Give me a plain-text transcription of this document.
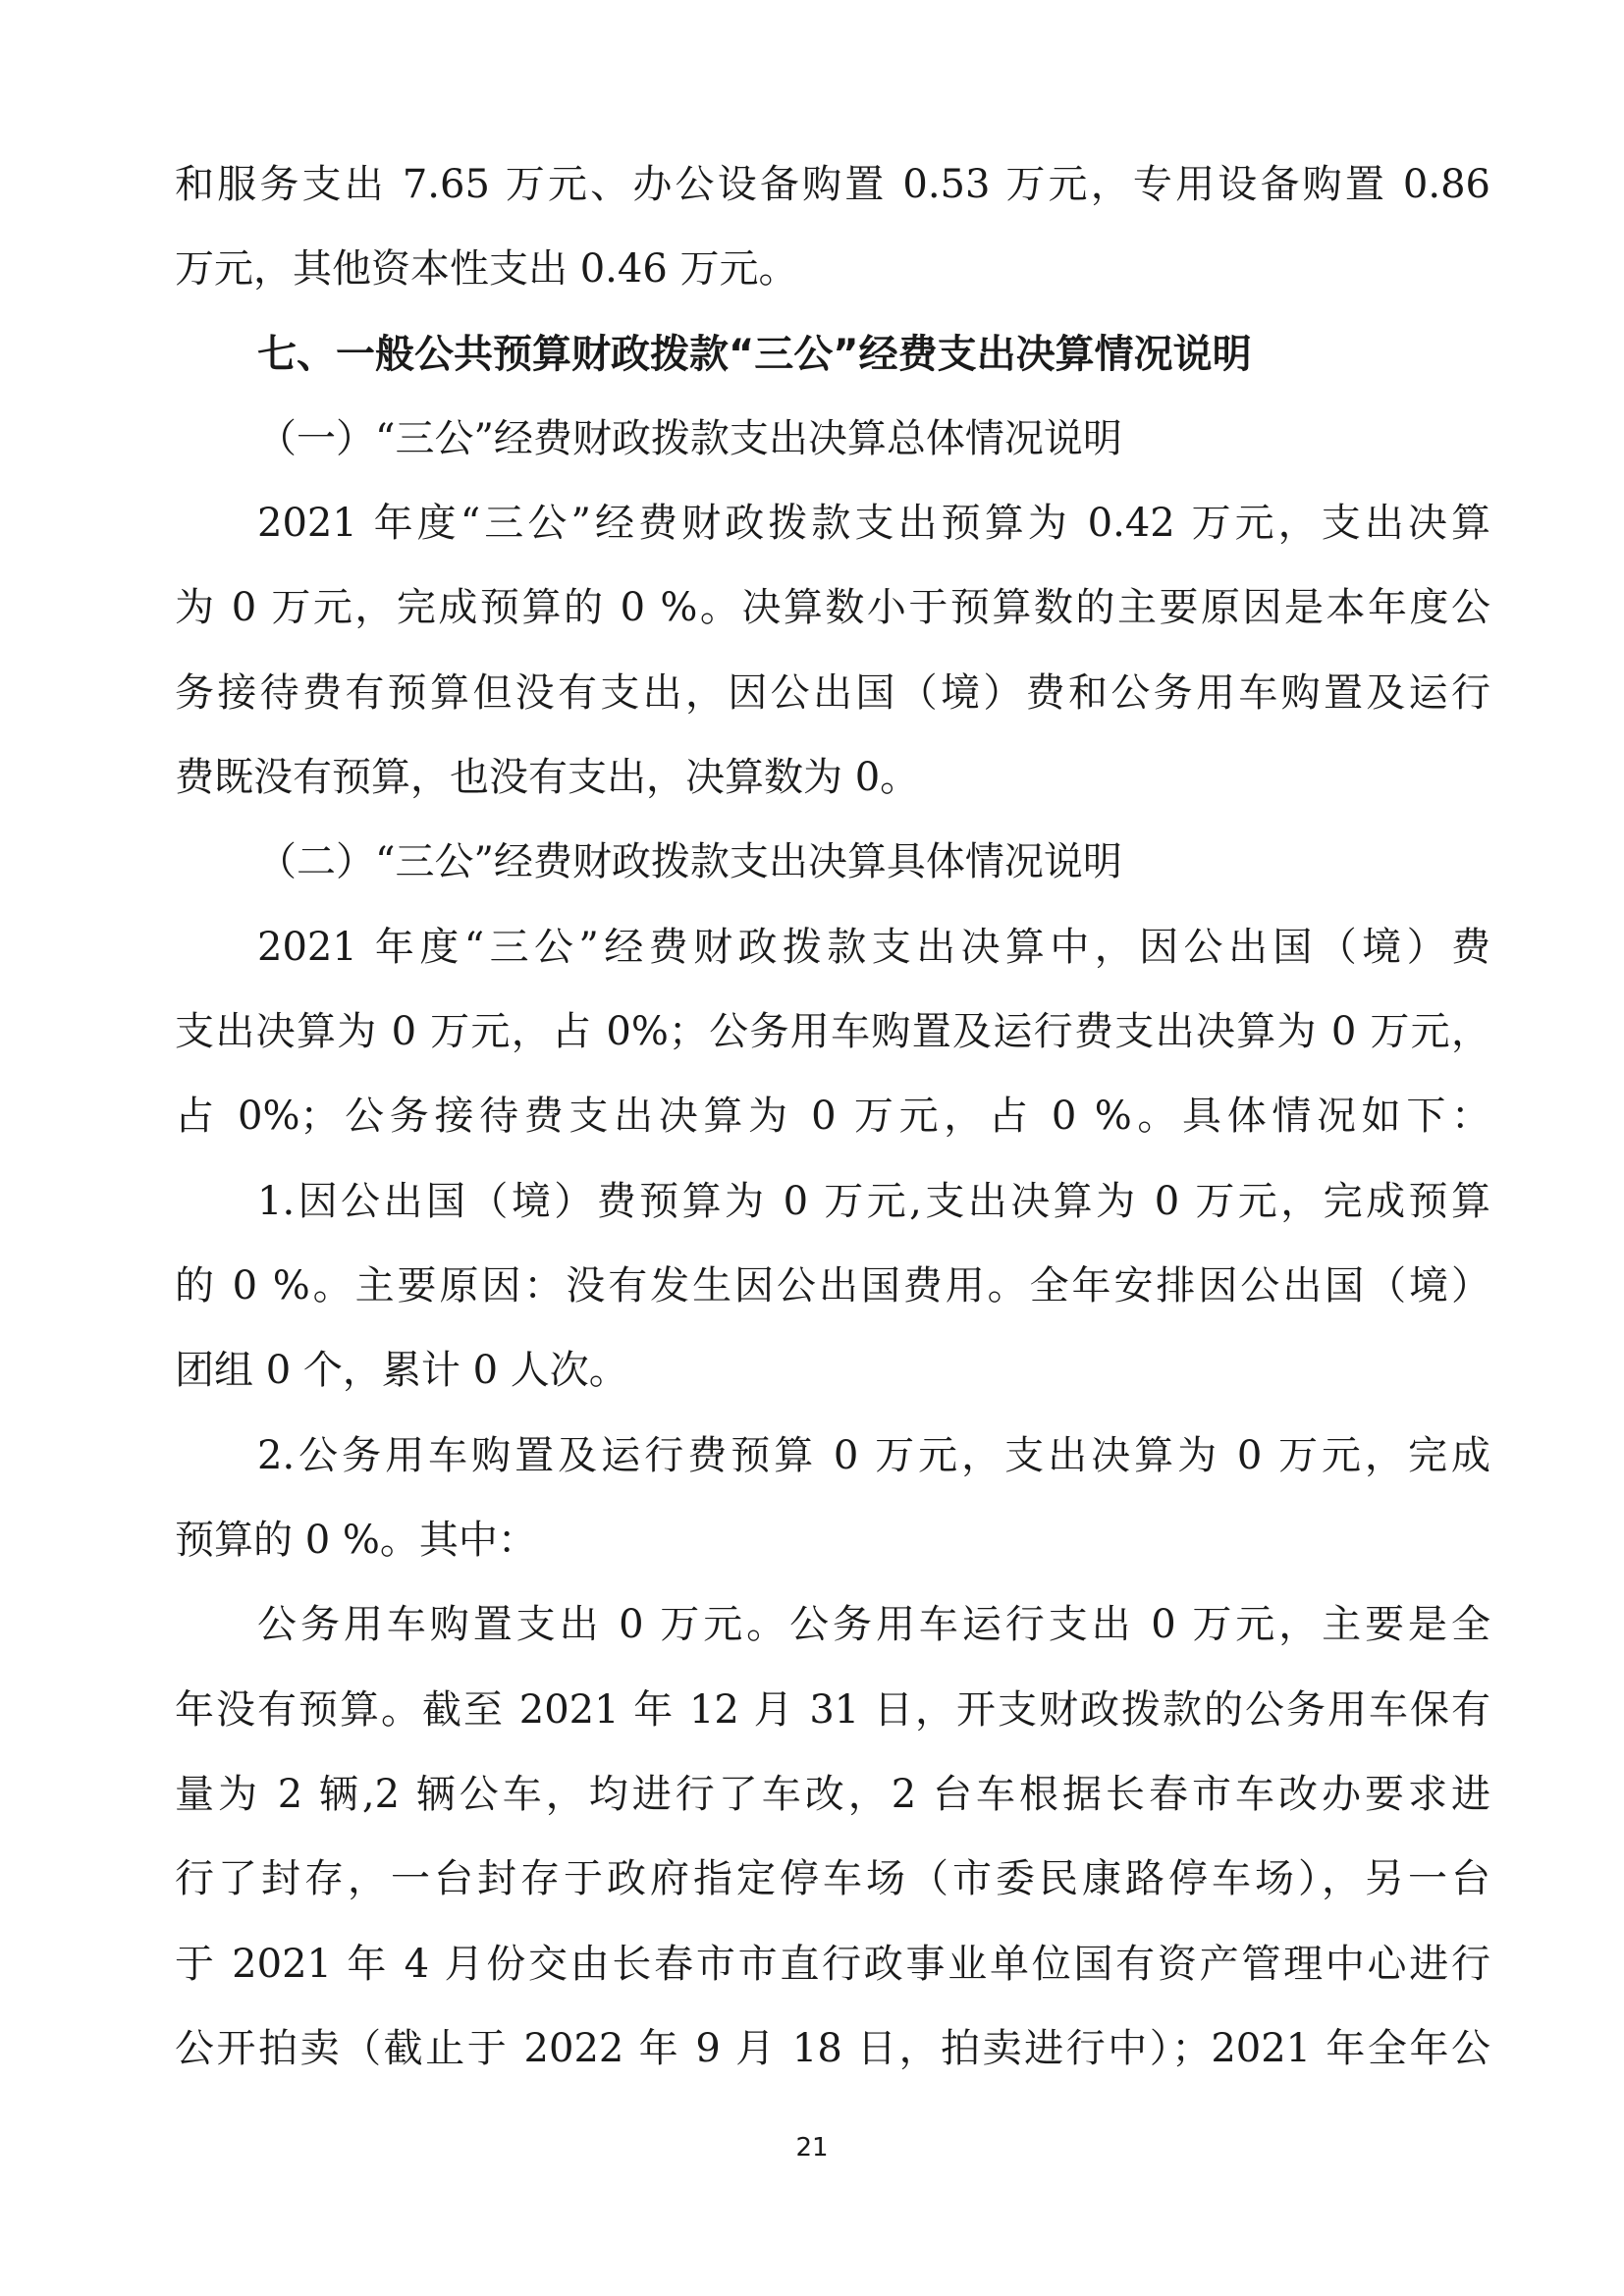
和服务支出 7.65 万元、办公设备购置 0.53 万元，专用设备购置 0.86
万元，其他资本性支出 0.46 万元。
七、一般公共预算财政拨款“三公”经费支出决算情况说明
（一）“三公”经费财政拨款支出决算总体情况说明
2021 年度“三公”经费财政拨款支出预算为 0.42 万元，支出决算
为 0 万元，完成预算的 0 %。决算数小于预算数的主要原因是本年度公
务接待费有预算但没有支出，因公出国（境）费和公务用车购置及运行
费既没有预算，也没有支出，决算数为 0。
（二）“三公”经费财政拨款支出决算具体情况说明
2021 年度“三公”经费财政拨款支出决算中，因公出国（境）费
支出决算为 0 万元，占 0%；公务用车购置及运行费支出决算为 0 万元，
占 0%；公务接待费支出决算为 0 万元，占 0 %。具体情况如下：
1.因公出国（境）费预算为 0 万元,支出决算为 0 万元，完成预算
的 0 %。主要原因：没有发生因公出国费用。全年安排因公出国（境）
团组 0 个，累计 0 人次。
2.公务用车购置及运行费预算 0 万元，支出决算为 0 万元，完成
预算的 0 %。其中：
公务用车购置支出 0 万元。公务用车运行支出 0 万元，主要是全
年没有预算。截至 2021 年 12 月 31 日，开支财政拨款的公务用车保有
量为 2 辆,2 辆公车，均进行了车改，2 台车根据长春市车改办要求进
行了封存，一台封存于政府指定停车场（市委民康路停车场），另一台
于 2021 年 4 月份交由长春市市直行政事业单位国有资产管理中心进行
公开拍卖（截止于 2022 年 9 月 18 日，拍卖进行中）；2021 年全年公
21
